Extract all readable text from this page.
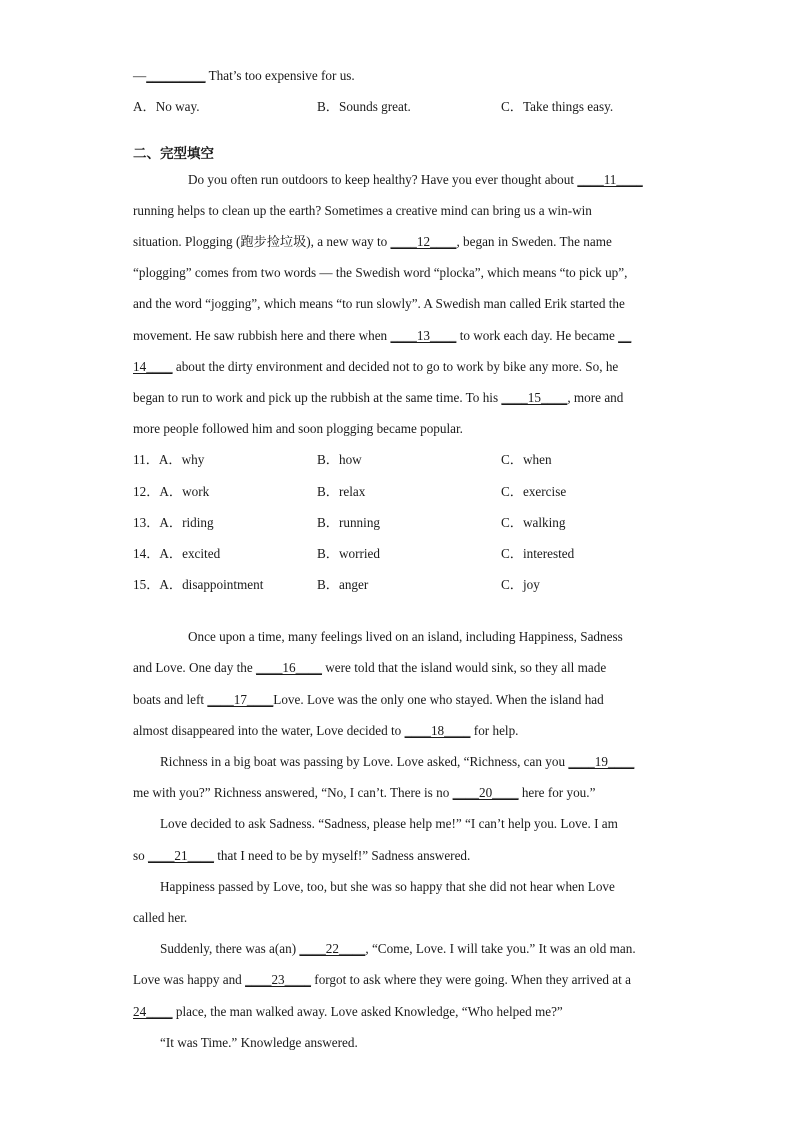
—_________ That’s too expensive for us.
A．No way.	B．Sounds great.	C．Take things easy.
二、完型填空
Do you often run outdoors to keep healthy? Have you ever thought about ____11____
running helps to clean up the earth? Sometimes a creative mind can bring us a win-win
situation. Plogging (跑步捡垃圾), a new way to ____12____, began in Sweden. The name
“plogging” comes from two words — the Swedish word “plocka”, which means “to pick up”,
and the word “jogging”, which means “to run slowly”. A Swedish man called Erik started the
movement. He saw rubbish here and there when ____13____ to work each day. He became __
14____ about the dirty environment and decided not to go to work by bike any more. So, he
began to run to work and pick up the rubbish at the same time. To his ____15____, more and
more people followed him and soon plogging became popular.
11．A．why	B．how	C．when
12．A．work	B．relax	C．exercise
13．A．riding	B．running	C．walking
14．A．excited	B．worried	C．interested
15．A．disappointment	B．anger	C．joy
Once upon a time, many feelings lived on an island, including Happiness, Sadness
and Love. One day the ____16____ were told that the island would sink, so they all made
boats and left ____17____Love. Love was the only one who stayed. When the island had
almost disappeared into the water, Love decided to ____18____ for help.
Richness in a big boat was passing by Love. Love asked, “Richness, can you ____19____
me with you?” Richness answered, “No, I can’t. There is no ____20____ here for you.”
Love decided to ask Sadness. “Sadness, please help me!” “I can’t help you. Love. I am
so ____21____ that I need to be by myself!” Sadness answered.
Happiness passed by Love, too, but she was so happy that she did not hear when Love
called her.
Suddenly, there was a(an) ____22____, “Come, Love. I will take you.” It was an old man.
Love was happy and ____23____ forgot to ask where they were going. When they arrived at a
24____ place, the man walked away. Love asked Knowledge, “Who helped me?”
“It was Time.” Knowledge answered.
